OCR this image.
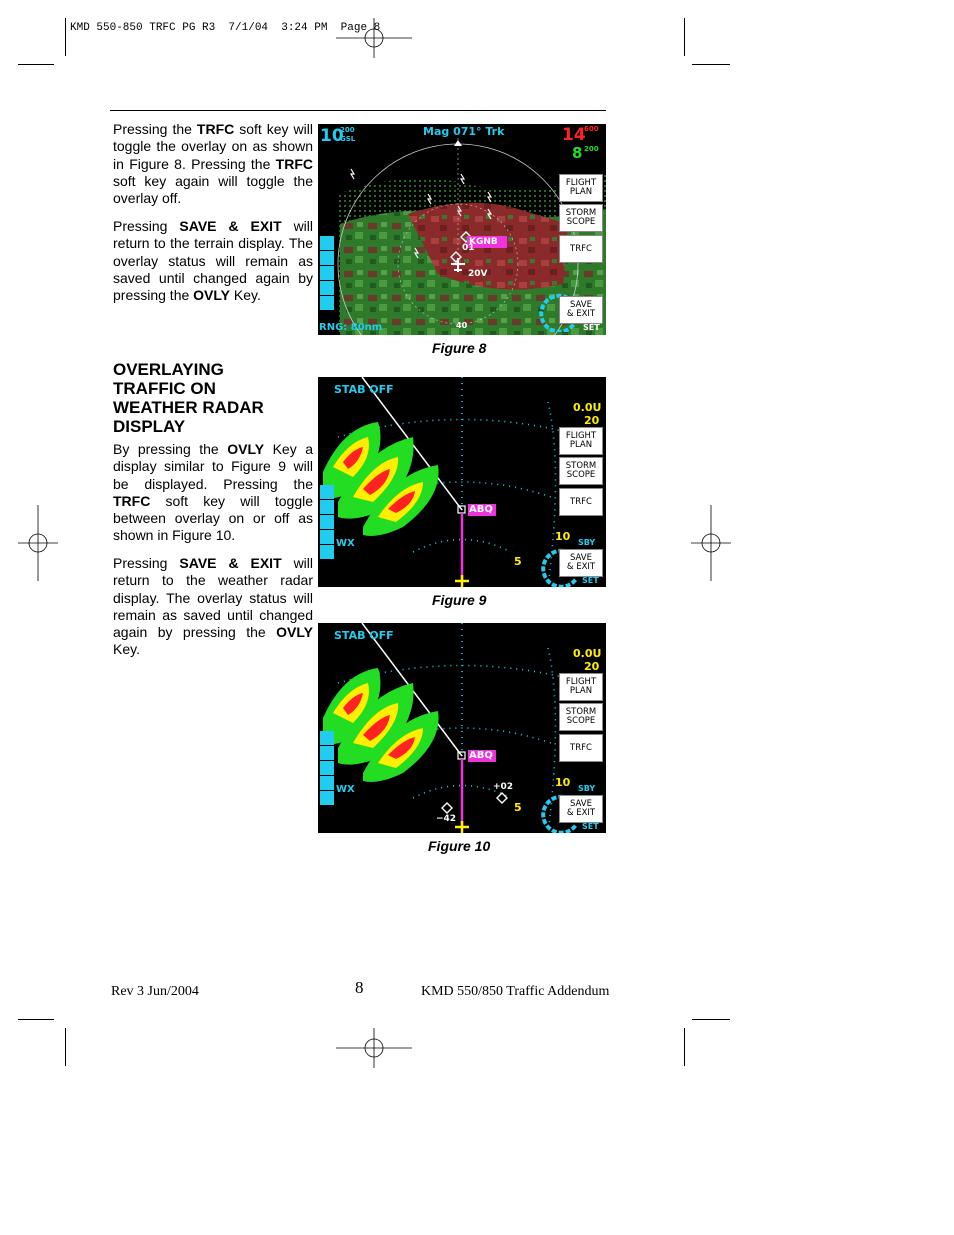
KMD 550-850 TRFC PG R3  7/1/04  3:24 PM  Page 8
Pressing the TRFC soft key will toggle the overlay on as shown in Figure 8. Pressing the TRFC soft key again will toggle the overlay off.
Pressing SAVE & EXIT will return to the terrain display. The overlay status will remain as saved until changed again by pressing the OVLY Key.
OVERLAYING
TRAFFIC ON
WEATHER RADAR
DISPLAY
By pressing the OVLY Key a display similar to Figure 9 will be displayed. Pressing the TRFC soft key will toggle between overlay on or off as shown in Figure 10.
Pressing SAVE & EXIT will return to the weather radar display. The overlay status will remain as saved until changed again by pressing the OVLY Key.
10
200
GSL
Mag 071° Trk	14
600
8 200
KGNB
01
20V
40
RNG: 80nm
FLIGHT
PLAN
STORM
SCOPE
TRFC
SAVE
& EXIT
SET
Figure 8
STAB OFF
0.0U
20
ABQ
10 SBY
5
WX
FLIGHT
PLAN
STORM
SCOPE
TRFC
SAVE
& EXIT
SET
Figure 9
STAB OFF
0.0U
20
ABQ
10 SBY
5
WX	+02
−42
FLIGHT
PLAN
STORM
SCOPE
TRFC
SAVE
& EXIT
SET
Figure 10
Rev 3 Jun/2004	8	KMD 550/850 Traffic Addendum
